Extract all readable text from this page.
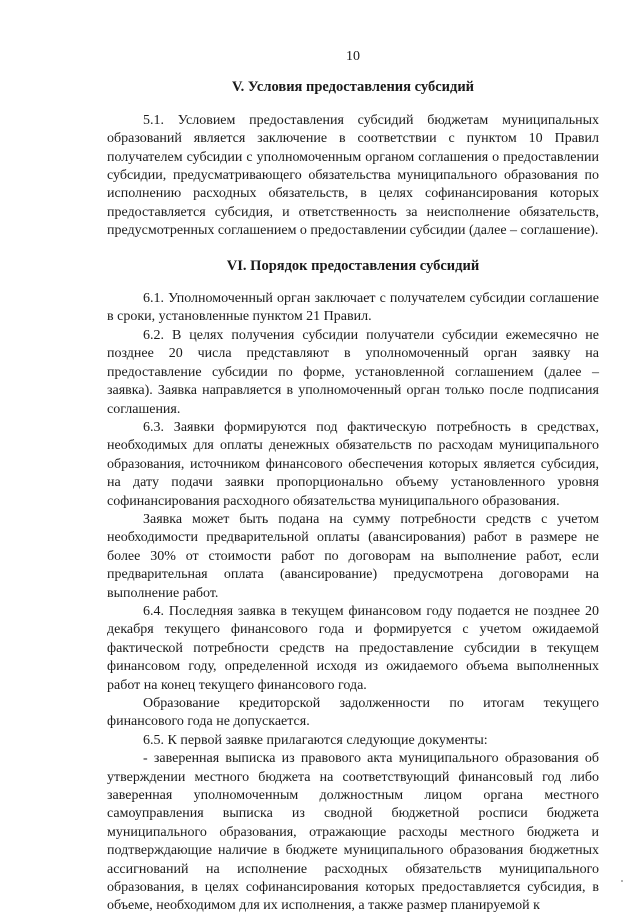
10
V. Условия предоставления субсидий

5.1. Условием предоставления субсидий бюджетам муниципальных образований является заключение в соответствии с пунктом 10 Правил получателем субсидии с уполномоченным органом соглашения о предоставлении субсидии, предусматривающего обязательства муниципального образования по исполнению расходных обязательств, в целях софинансирования которых предоставляется субсидия, и ответственность за неисполнение обязательств, предусмотренных соглашением о предоставлении субсидии (далее – соглашение).

VI. Порядок предоставления субсидий

6.1. Уполномоченный орган заключает с получателем субсидии соглашение в сроки, установленные пунктом 21 Правил.

6.2. В целях получения субсидии получатели субсидии ежемесячно не позднее 20 числа представляют в уполномоченный орган заявку на предоставление субсидии по форме, установленной соглашением (далее – заявка). Заявка направляется в уполномоченный орган только после подписания соглашения.

6.3. Заявки формируются под фактическую потребность в средствах, необходимых для оплаты денежных обязательств по расходам муниципального образования, источником финансового обеспечения которых является субсидия, на дату подачи заявки пропорционально объему установленного уровня софинансирования расходного обязательства муниципального образования.

Заявка может быть подана на сумму потребности средств с учетом необходимости предварительной оплаты (авансирования) работ в размере не более 30% от стоимости работ по договорам на выполнение работ, если предварительная оплата (авансирование) предусмотрена договорами на выполнение работ.

6.4. Последняя заявка в текущем финансовом году подается не позднее 20 декабря текущего финансового года и формируется с учетом ожидаемой фактической потребности средств на предоставление субсидии в текущем финансовом году, определенной исходя из ожидаемого объема выполненных работ на конец текущего финансового года.

Образование кредиторской задолженности по итогам текущего финансового года не допускается.

6.5. К первой заявке прилагаются следующие документы:

- заверенная выписка из правового акта муниципального образования об утверждении местного бюджета на соответствующий финансовый год либо заверенная уполномоченным должностным лицом органа местного самоуправления выписка из сводной бюджетной росписи бюджета муниципального образования, отражающие расходы местного бюджета и подтверждающие наличие в бюджете муниципального образования бюджетных ассигнований на исполнение расходных обязательств муниципального образования, в целях софинансирования которых предоставляется субсидия, в объеме, необходимом для их исполнения, а также размер планируемой к
